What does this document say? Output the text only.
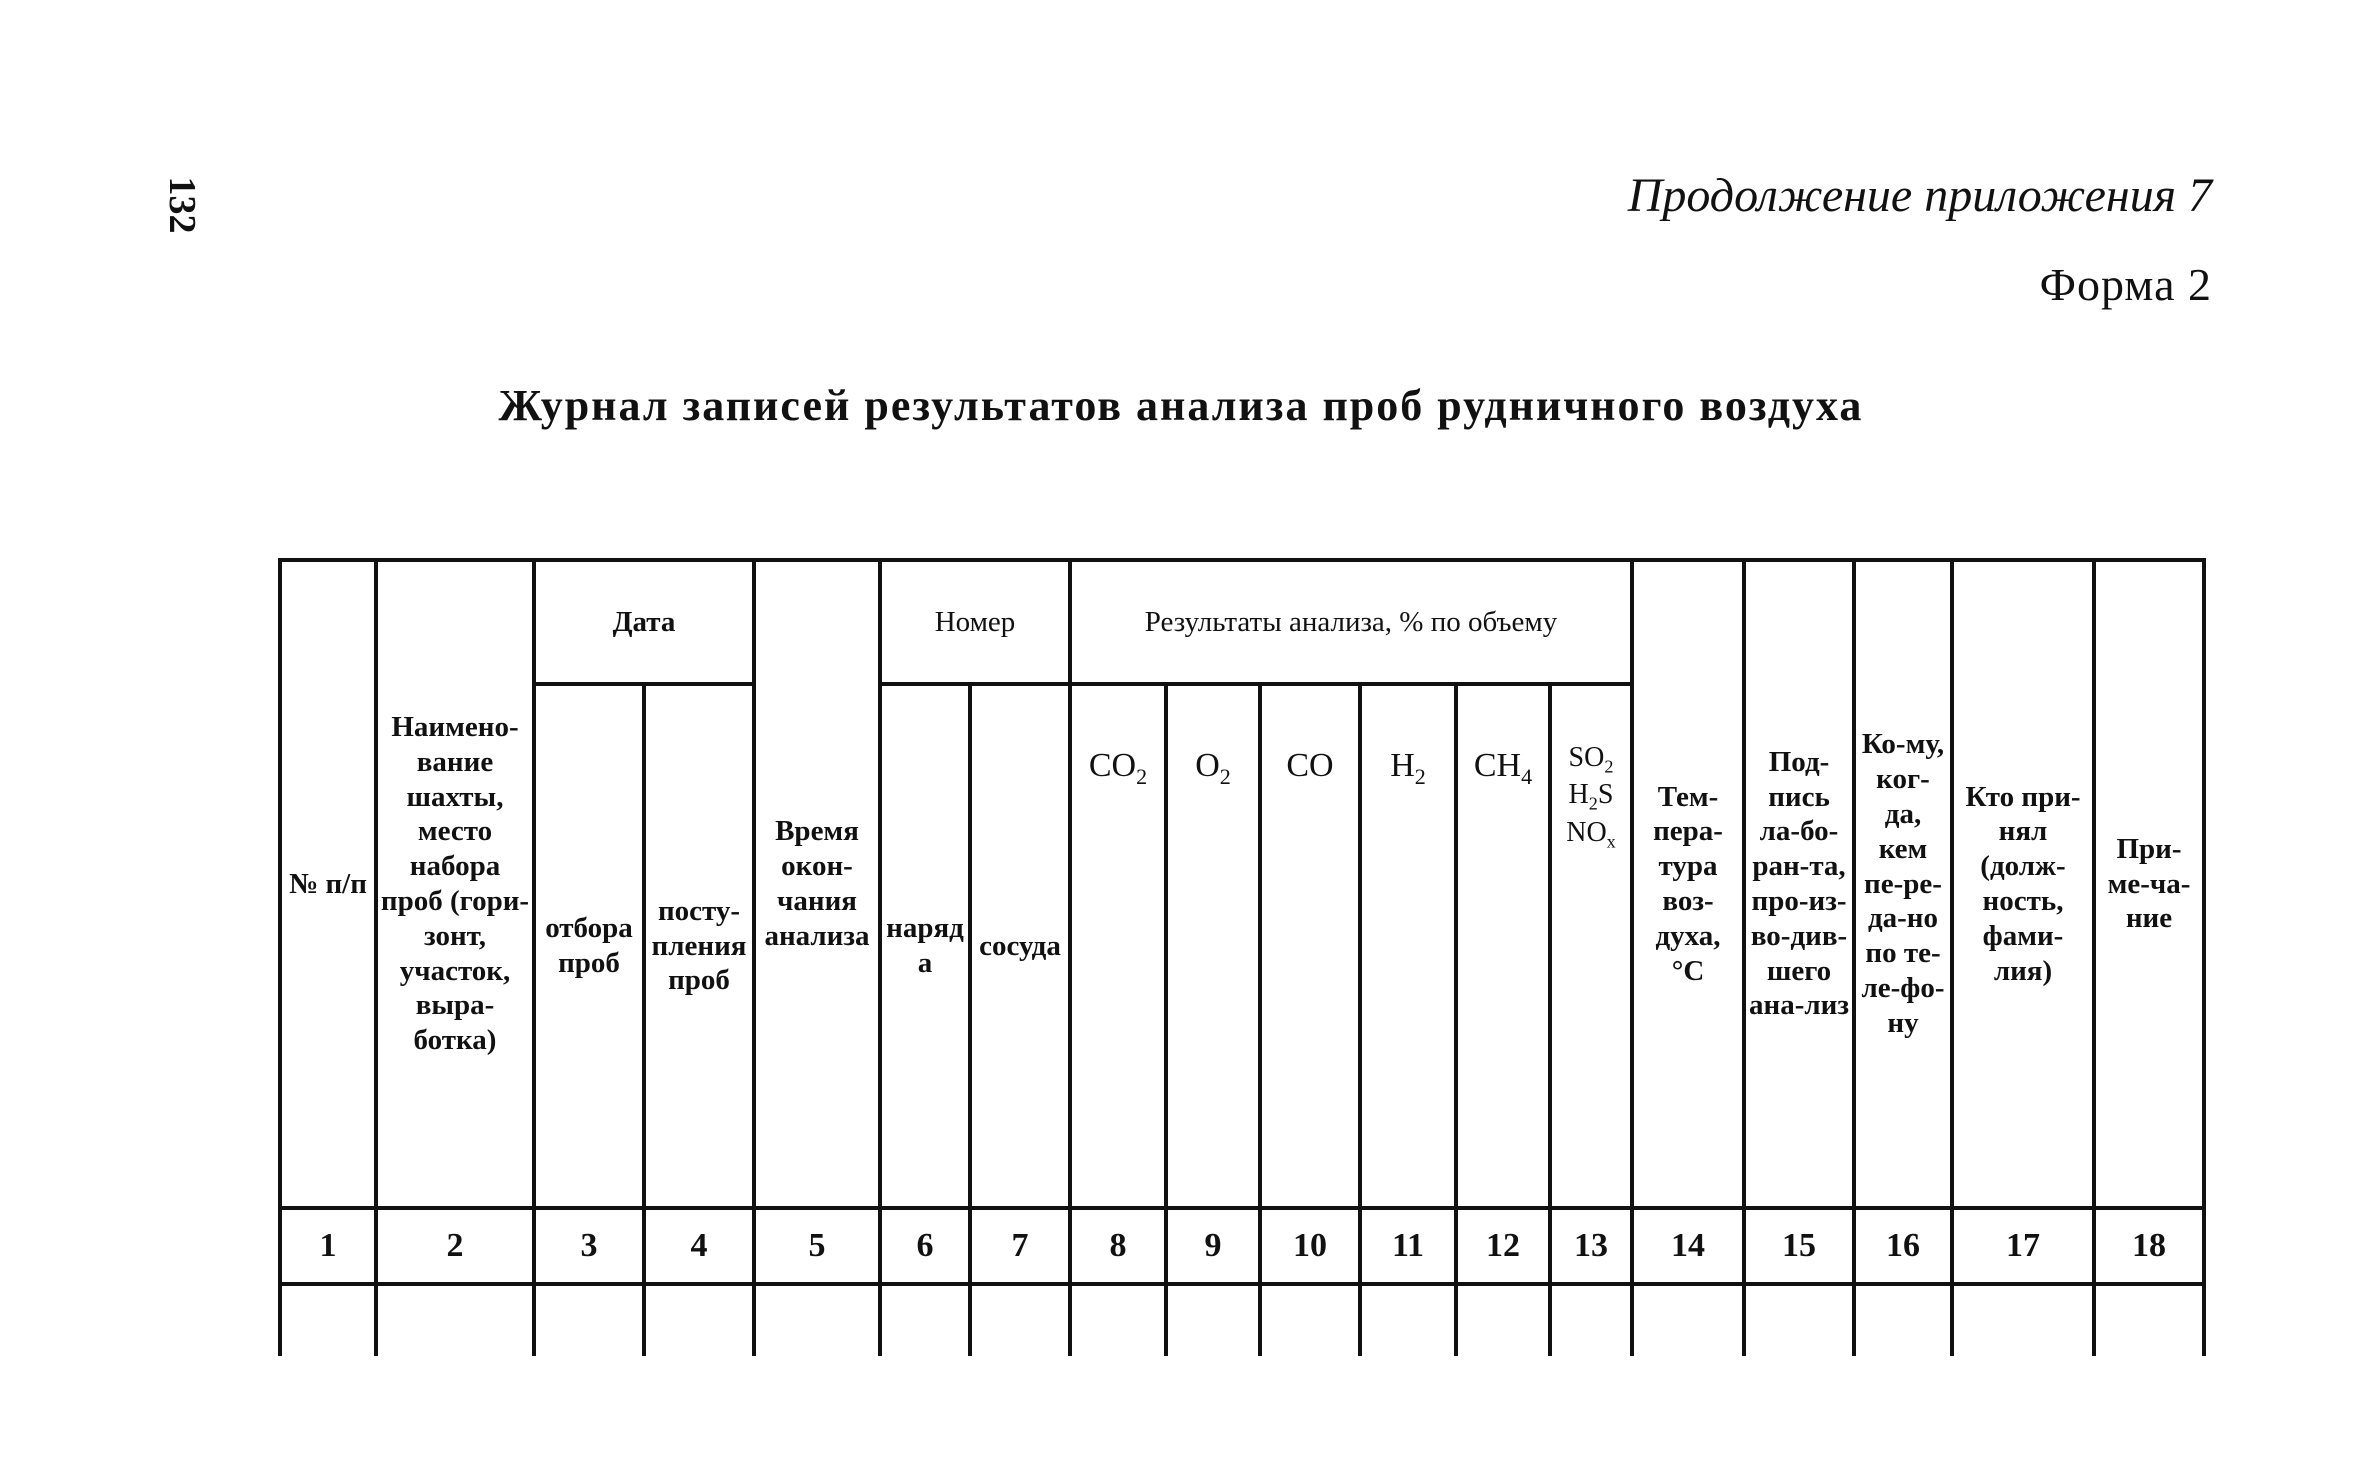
132	Продолжение приложения 7
Форма 2
Журнал записей результатов анализа проб рудничного воздуха
№ п/п	Наимено-вание шахты, место набора проб (гори-зонт, участок, выра-ботка)	Дата		Время окон-чания анализа	Номер		Результаты анализа, % по объему						Тем-пера-тура воз-духа, °С	Под-пись ла-бо-ран-та, про-из-во-див-шего ана-лиз	Ко-му, ког-да, кем пе-ре-да-но по те-ле-фо-ну	Кто при-нял (долж-ность, фами-лия)	При-ме-ча-ние
		отбора проб	посту-пления проб		наряда	сосуда	$CO_2$	$O_2$	CO	$H_2$	$CH_4$	$SO_2$
$H_2S$
$NO_x$

1	2	3	4	5	6	7	8	9	10	11	12	13	14	15	16	17	18
